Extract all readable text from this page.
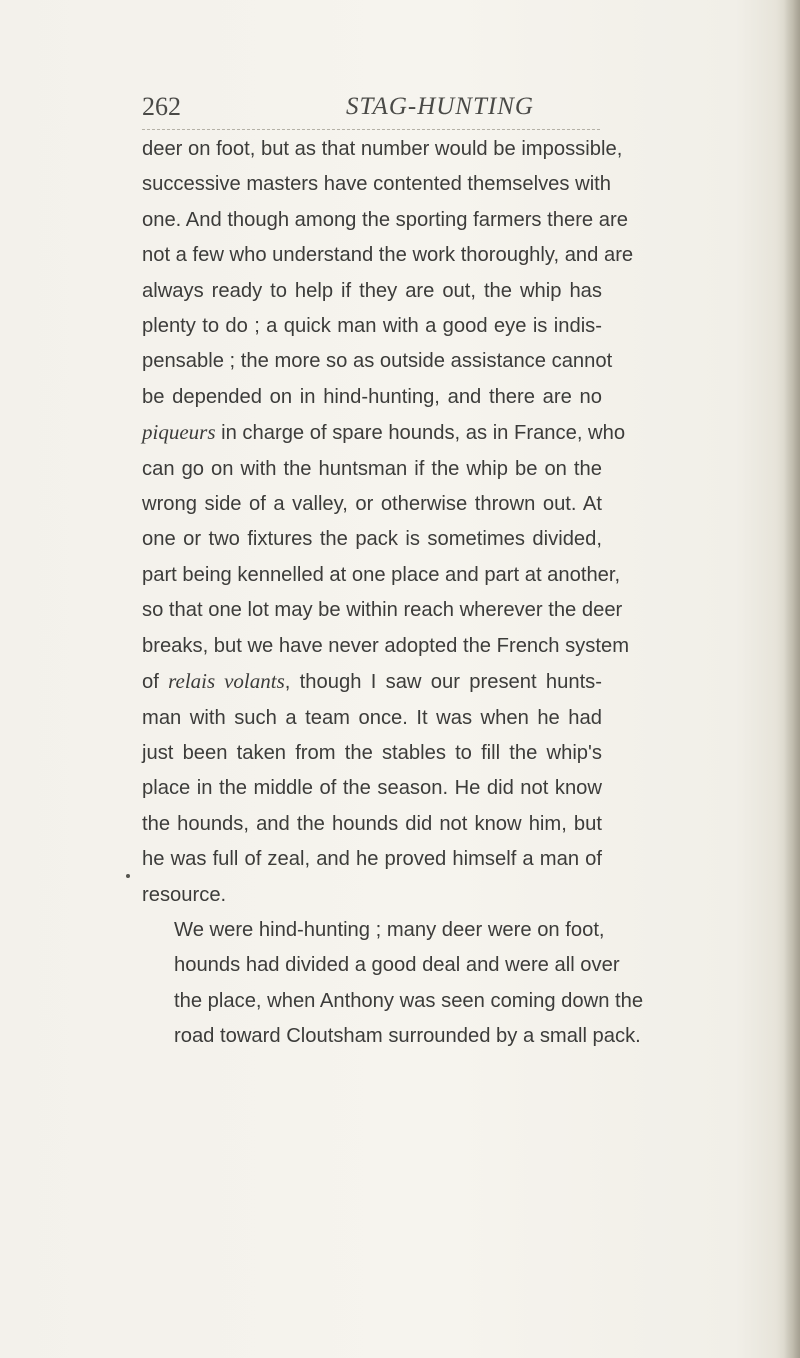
262	STAG-HUNTING

deer on foot, but as that number would be impossible,
successive masters have contented themselves with
one. And though among the sporting farmers there are
not a few who understand the work thoroughly, and are
always ready to help if they are out, the whip has
plenty to do ; a quick man with a good eye is indis-
pensable ; the more so as outside assistance cannot
be depended on in hind-hunting, and there are no
piqueurs in charge of spare hounds, as in France, who
can go on with the huntsman if the whip be on the
wrong side of a valley, or otherwise thrown out. At
one or two fixtures the pack is sometimes divided,
part being kennelled at one place and part at another,
so that one lot may be within reach wherever the deer
breaks, but we have never adopted the French system
of relais volants, though I saw our present hunts-
man with such a team once. It was when he had
just been taken from the stables to fill the whip's
place in the middle of the season. He did not know
the hounds, and the hounds did not know him, but
he was full of zeal, and he proved himself a man of
resource.

We were hind-hunting ; many deer were on foot,
hounds had divided a good deal and were all over
the place, when Anthony was seen coming down the
road toward Cloutsham surrounded by a small pack.
